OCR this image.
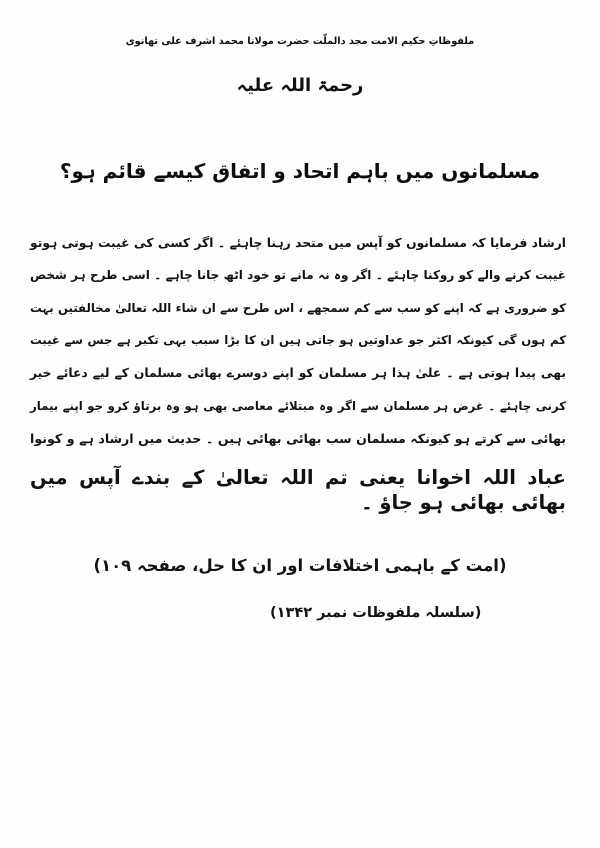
ملفوظاتِ حکیم الامت مجد دالملّت حضرت مولانا محمد اشرف علی تھانوی
رحمۃ اللہ علیہ
مسلمانوں میں باہم اتحاد و اتفاق کیسے قائم ہو؟

ارشاد فرمایا کہ مسلمانوں کو آپس میں متحد رہنا چاہئے ۔ اگر کسی کی غیبت ہوتی ہوتو

غیبت کرنے والے کو روکنا چاہئے ۔ اگر وہ نہ مانے تو خود اٹھ جانا چاہے ۔ اسی طرح ہر شخص

کو ضروری ہے کہ اپنے کو سب سے کم سمجھے ، اس طرح سے ان شاء اللہ تعالیٰ مخالفتیں بہت

کم ہوں گی کیونکہ اکثر جو عداوتیں ہو جاتی ہیں ان کا بڑا سبب یہی تکبر ہے جس سے غیبت

بھی پیدا ہوتی ہے ۔ علیٰ ہذا ہر مسلمان کو اپنے دوسرے بھائی مسلمان کے لیے دعائے خیر

کرنی چاہئے ۔ غرض ہر مسلمان سے اگر وہ مبتلائے معاصی بھی ہو وہ برتاؤ کرو جو اپنے بیمار

بھائی سے کرتے ہو کیونکہ مسلمان سب بھائی بھائی ہیں ۔ حدیث میں ارشاد ہے و کونوا

عباد اللہ اخوانا یعنی تم اللہ تعالیٰ کے بندے آپس میں بھائی بھائی ہو جاؤ ۔

(امت کے باہمی اختلافات اور ان کا حل، صفحہ ۱۰۹)
(سلسلہ ملفوظات نمبر ۱۳۴۲)
